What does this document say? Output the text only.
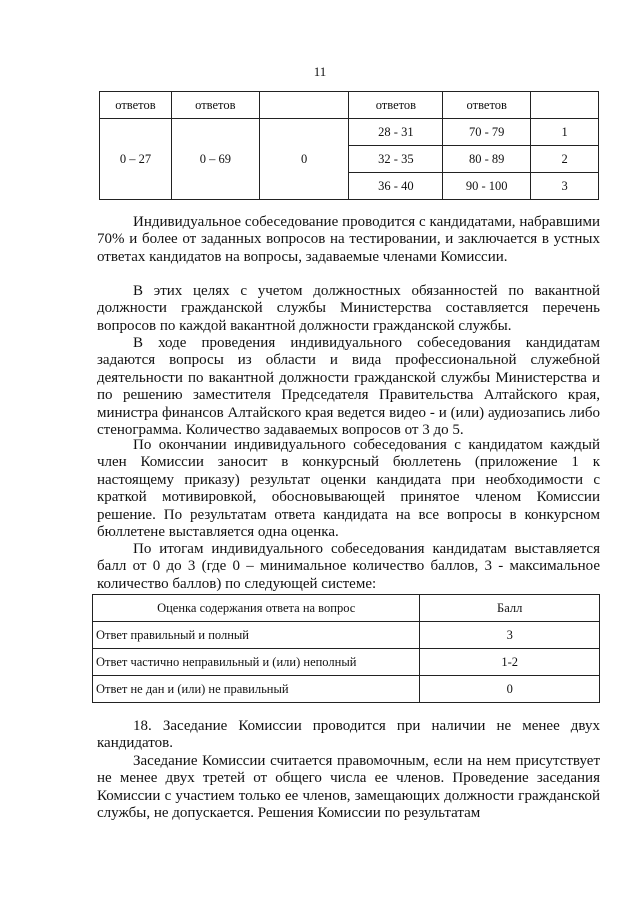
11
ответов	ответов		ответов	ответов	
0 – 27	0 – 69	0	28 - 31	70 - 79	1
			32 - 35	80 - 89	2
			36 - 40	90 - 100	3

Индивидуальное собеседование проводится с кандидатами, набравшими 70% и более от заданных вопросов на тестировании, и заключается в устных ответах кандидатов на вопросы, задаваемые членами Комиссии.

В этих целях с учетом должностных обязанностей по вакантной должности гражданской службы Министерства составляется перечень вопросов по каждой вакантной должности гражданской службы.

В ходе проведения индивидуального собеседования кандидатам задаются вопросы из области и вида профессиональной служебной деятельности по вакантной должности гражданской службы Министерства и по решению заместителя Председателя Правительства Алтайского края, министра финансов Алтайского края ведется видео - и (или) аудиозапись либо стенограмма. Количество задаваемых вопросов от 3 до 5.

По окончании индивидуального собеседования с кандидатом каждый член Комиссии заносит в конкурсный бюллетень (приложение 1 к настоящему приказу) результат оценки кандидата при необходимости с краткой мотивировкой, обосновывающей принятое членом Комиссии решение. По результатам ответа кандидата на все вопросы в конкурсном бюллетене выставляется одна оценка.

По итогам индивидуального собеседования кандидатам выставляется балл от 0 до 3 (где 0 – минимальное количество баллов, 3 - максимальное количество баллов) по следующей системе:

Оценка содержания ответа на вопрос	Балл
Ответ правильный и полный	3
Ответ частично неправильный и (или) неполный	1-2
Ответ не дан и (или) не правильный	0

18. Заседание Комиссии проводится при наличии не менее двух кандидатов.

Заседание Комиссии считается правомочным, если на нем присутствует не менее двух третей от общего числа ее членов. Проведение заседания Комиссии с участием только ее членов, замещающих должности гражданской службы, не допускается. Решения Комиссии по результатам
